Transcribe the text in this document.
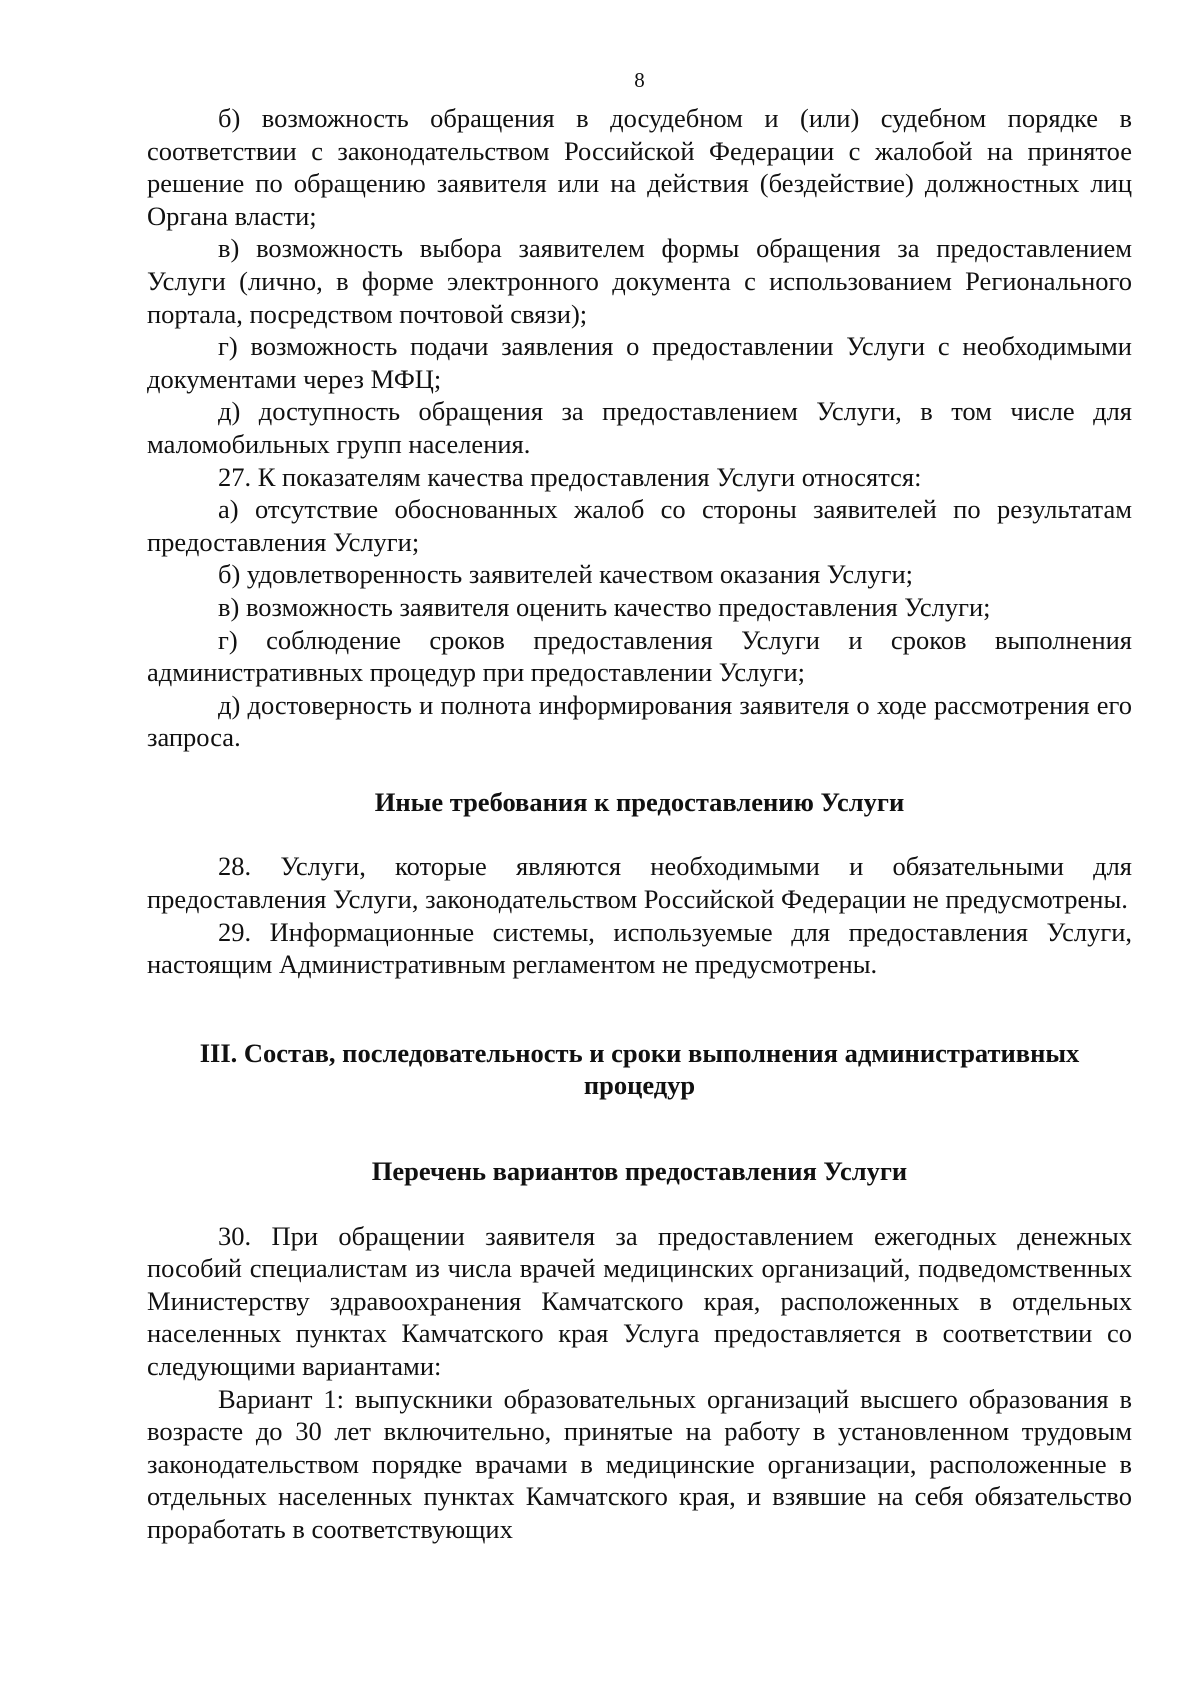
8

б) возможность обращения в досудебном и (или) судебном порядке в соответствии с законодательством Российской Федерации с жалобой на принятое решение по обращению заявителя или на действия (бездействие) должностных лиц Органа власти;

в) возможность выбора заявителем формы обращения за предоставлением Услуги (лично, в форме электронного документа с использованием Регионального портала, посредством почтовой связи);

г) возможность подачи заявления о предоставлении Услуги с необходимыми документами через МФЦ;

д) доступность обращения за предоставлением Услуги, в том числе для маломобильных групп населения.

27. К показателям качества предоставления Услуги относятся:

а) отсутствие обоснованных жалоб со стороны заявителей по результатам предоставления Услуги;

б) удовлетворенность заявителей качеством оказания Услуги;

в) возможность заявителя оценить качество предоставления Услуги;

г) соблюдение сроков предоставления Услуги и сроков выполнения административных процедур при предоставлении Услуги;

д) достоверность и полнота информирования заявителя о ходе рассмотрения его запроса.

Иные требования к предоставлению Услуги

28. Услуги, которые являются необходимыми и обязательными для предоставления Услуги, законодательством Российской Федерации не предусмотрены.

29. Информационные системы, используемые для предоставления Услуги, настоящим Административным регламентом не предусмотрены.

III. Состав, последовательность и сроки выполнения административных
процедур
Перечень вариантов предоставления Услуги

30. При обращении заявителя за предоставлением ежегодных денежных пособий специалистам из числа врачей медицинских организаций, подведомственных Министерству здравоохранения Камчатского края, расположенных в отдельных населенных пунктах Камчатского края Услуга предоставляется в соответствии со следующими вариантами:

Вариант 1: выпускники образовательных организаций высшего образования в возрасте до 30 лет включительно, принятые на работу в установленном трудовым законодательством порядке врачами в медицинские организации, расположенные в отдельных населенных пунктах Камчатского края, и взявшие на себя обязательство проработать в соответствующих
